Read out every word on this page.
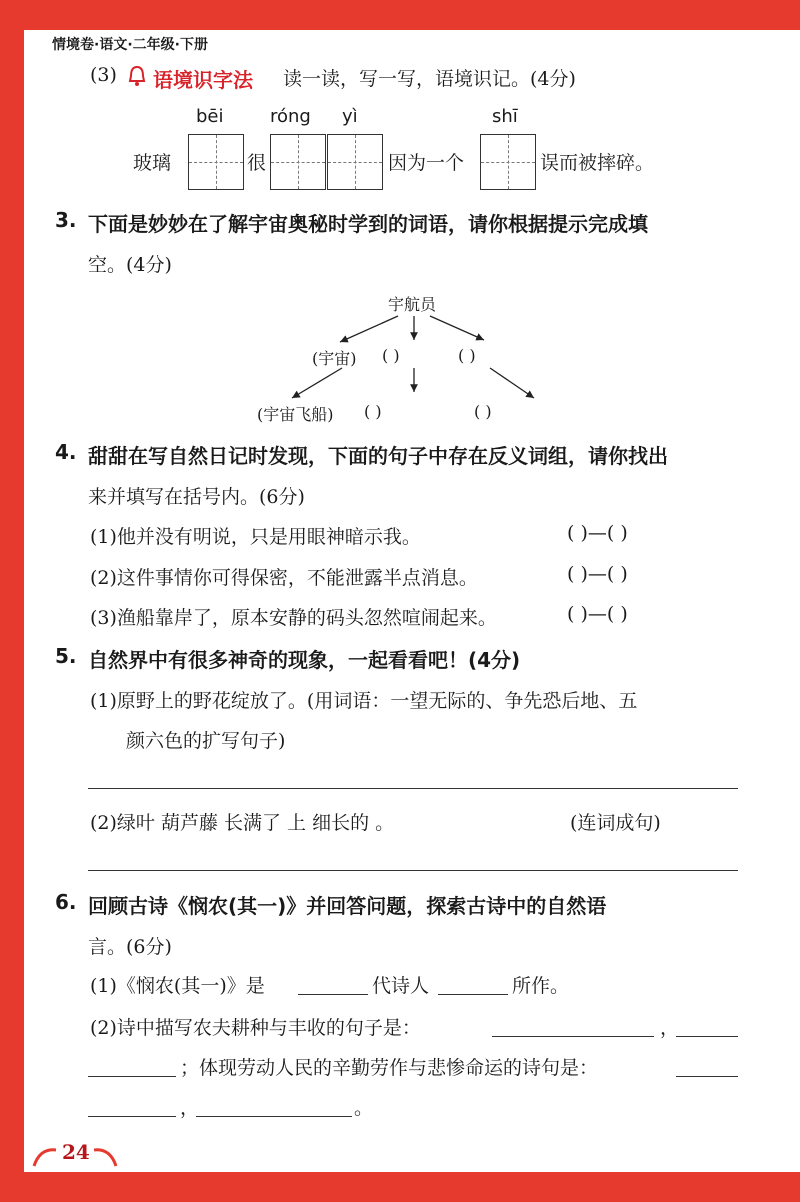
情境卷·语文·二年级·下册
(3) 语境识字法 读一读，写一写，语境识记。(4分)
bēi	róng yì	shī
玻璃	很	因为一个	误而被摔碎。
3. 下面是妙妙在了解宇宙奥秘时学到的词语，请你根据提示完成填
空。(4分)
宇航员
(宇宙) ( )	( )
(宇宙飞船) ( )	( )
4. 甜甜在写自然日记时发现，下面的句子中存在反义词组，请你找出
来并填写在括号内。(6分)
(1)他并没有明说，只是用眼神暗示我。	( )—( )
(2)这件事情你可得保密，不能泄露半点消息。	( )—( )
(3)渔船靠岸了，原本安静的码头忽然喧闹起来。	( )—( )
5. 自然界中有很多神奇的现象，一起看看吧！(4分)
(1)原野上的野花绽放了。(用词语：一望无际的、争先恐后地、五
颜六色的扩写句子)
(2)绿叶 葫芦藤 长满了 上 细长的 。	(连词成句)
6. 回顾古诗《悯农(其一)》并回答问题，探索古诗中的自然语
言。(6分)
(1)《悯农(其一)》是	代诗人	所作。
(2)诗中描写农夫耕种与丰收的句子是：	，
；体现劳动人民的辛勤劳作与悲惨命运的诗句是：
，	。
24
